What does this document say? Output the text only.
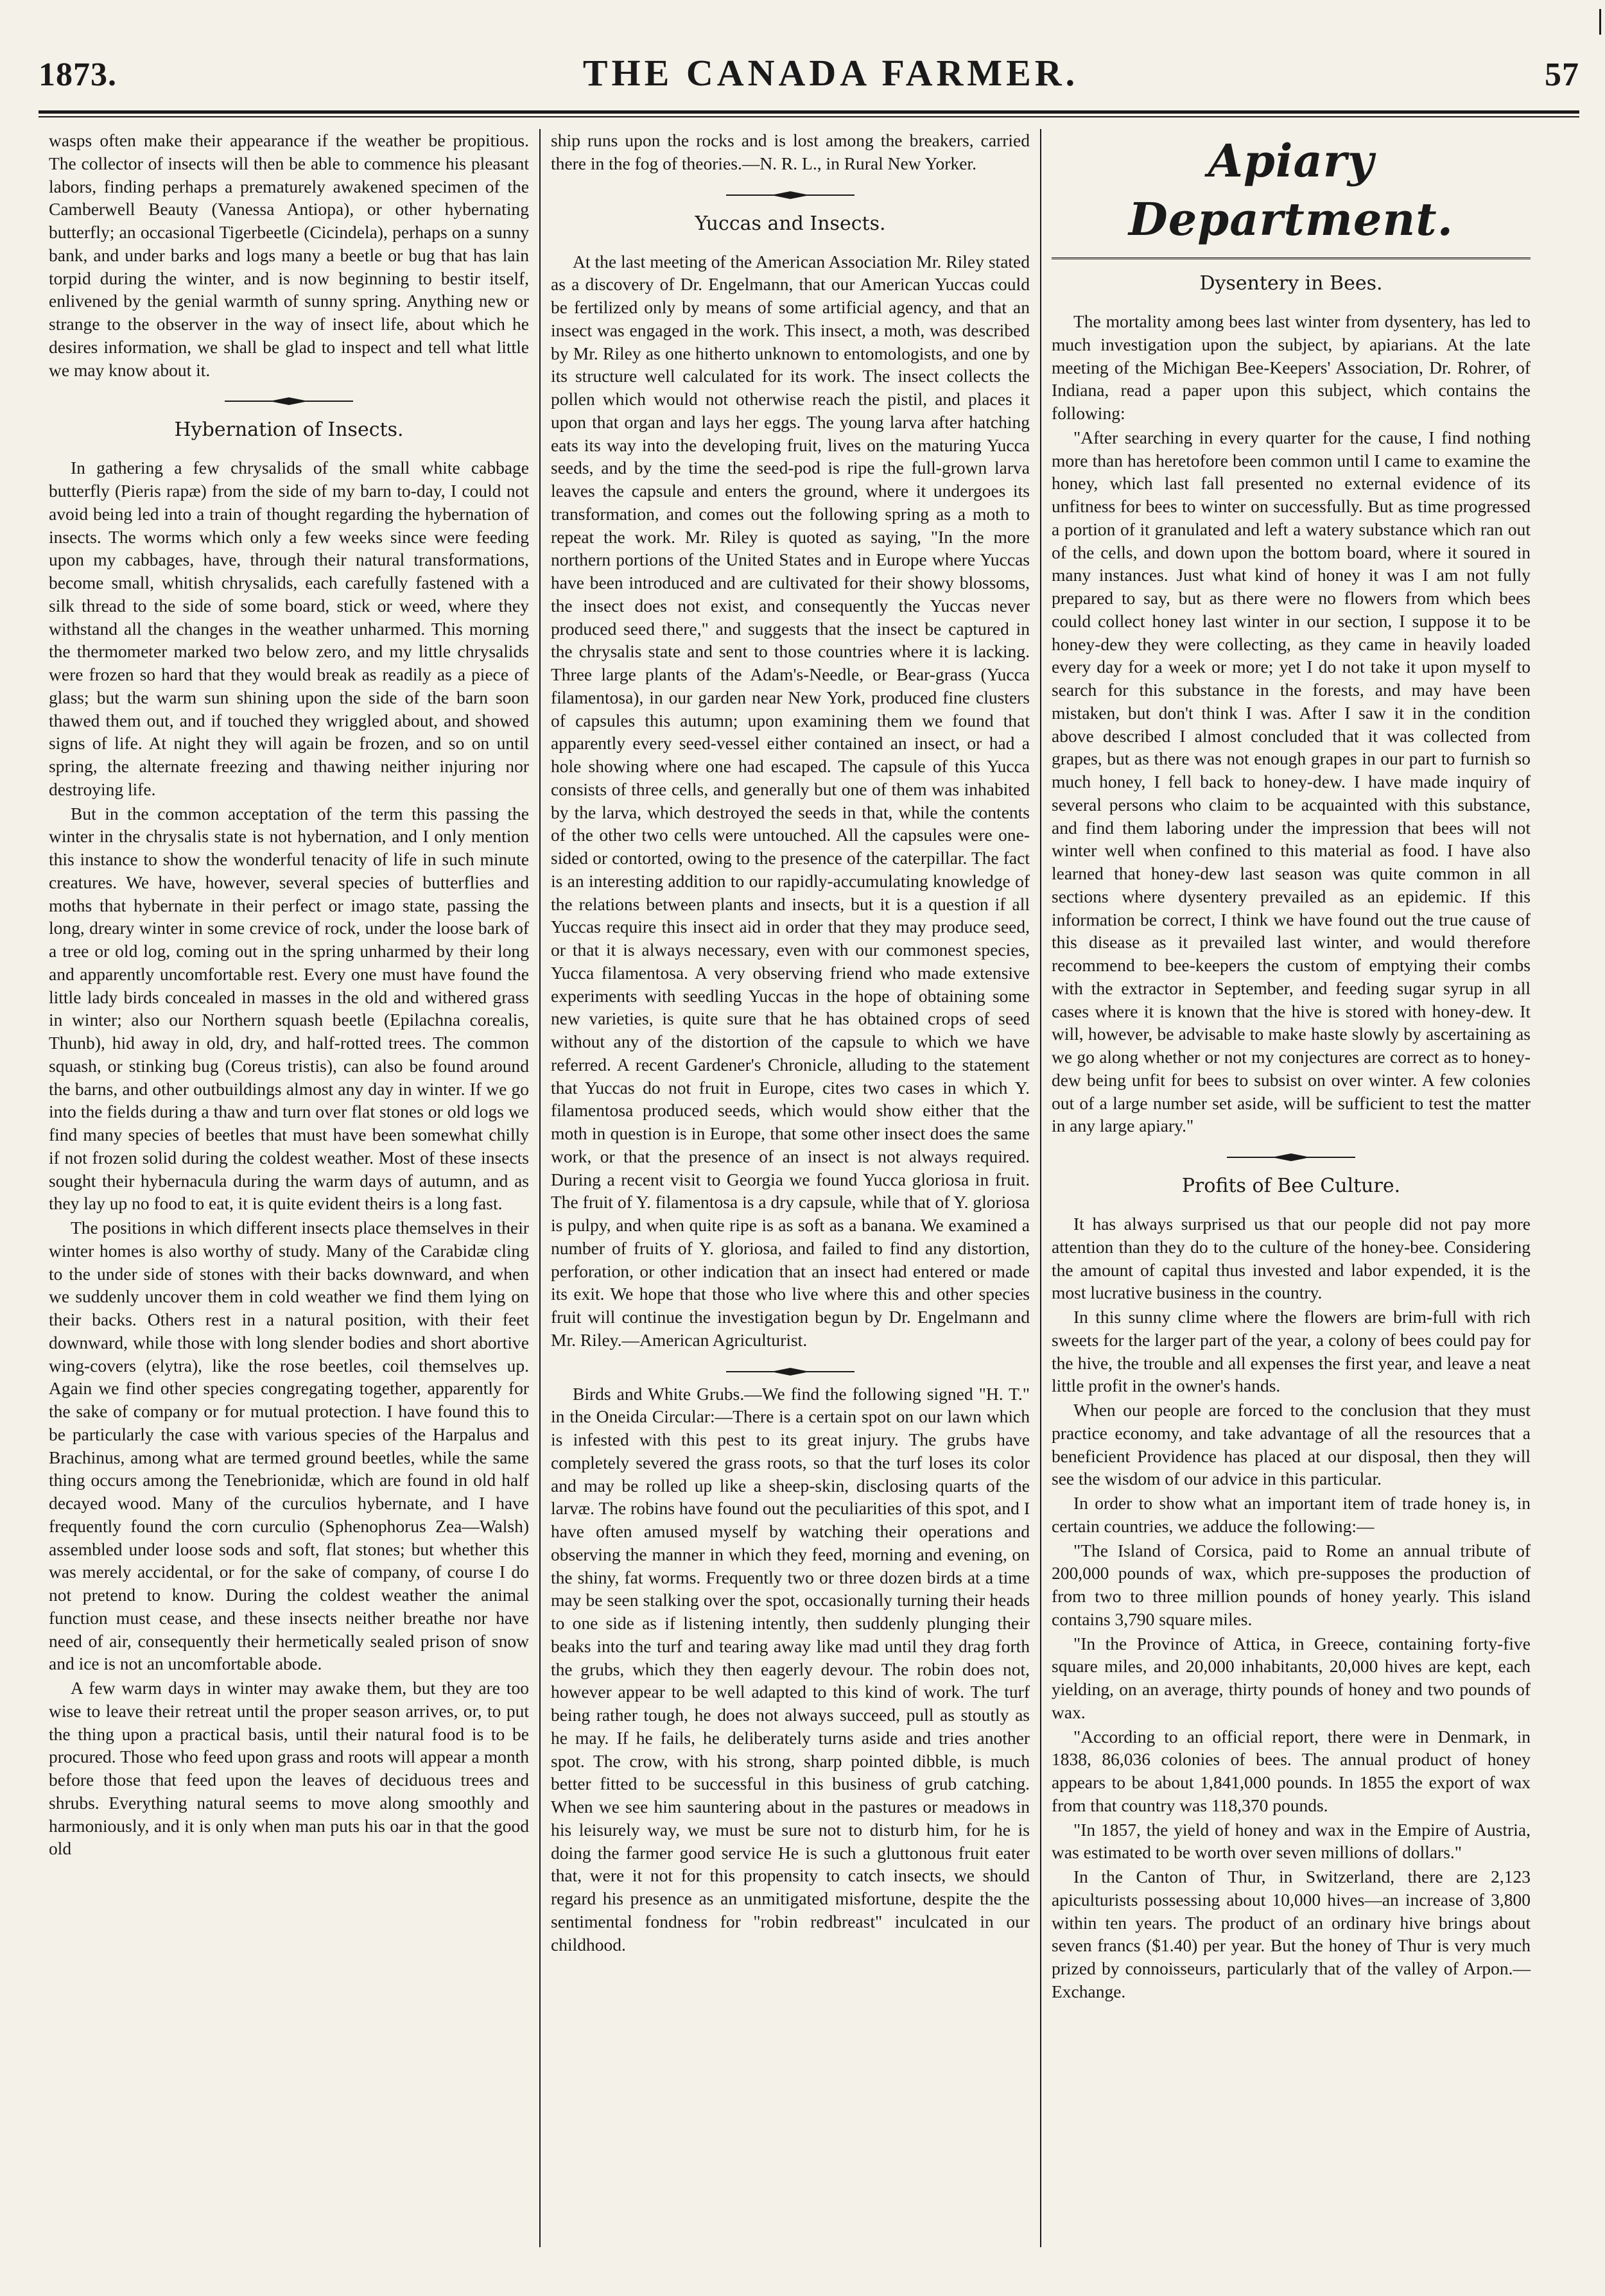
1873.	THE CANADA FARMER.	57

wasps often make their appearance if the weather be propitious. The collector of insects will then be able to commence his pleasant labors, finding perhaps a prematurely awakened specimen of the Camberwell Beauty (Vanessa Antiopa), or other hybernating butterfly; an occasional Tigerbeetle (Cicindela), perhaps on a sunny bank, and under barks and logs many a beetle or bug that has lain torpid during the winter, and is now beginning to bestir itself, enlivened by the genial warmth of sunny spring. Anything new or strange to the observer in the way of insect life, about which he desires information, we shall be glad to inspect and tell what little we may know about it.

Hybernation of Insects.

In gathering a few chrysalids of the small white cabbage butterfly (Pieris rapæ) from the side of my barn to-day, I could not avoid being led into a train of thought regarding the hybernation of insects. The worms which only a few weeks since were feeding upon my cabbages, have, through their natural transformations, become small, whitish chrysalids, each carefully fastened with a silk thread to the side of some board, stick or weed, where they withstand all the changes in the weather unharmed. This morning the thermometer marked two below zero, and my little chrysalids were frozen so hard that they would break as readily as a piece of glass; but the warm sun shining upon the side of the barn soon thawed them out, and if touched they wriggled about, and showed signs of life. At night they will again be frozen, and so on until spring, the alternate freezing and thawing neither injuring nor destroying life.

But in the common acceptation of the term this passing the winter in the chrysalis state is not hybernation, and I only mention this instance to show the wonderful tenacity of life in such minute creatures. We have, however, several species of butterflies and moths that hybernate in their perfect or imago state, passing the long, dreary winter in some crevice of rock, under the loose bark of a tree or old log, coming out in the spring unharmed by their long and apparently uncomfortable rest. Every one must have found the little lady birds concealed in masses in the old and withered grass in winter; also our Northern squash beetle (Epilachna corealis, Thunb), hid away in old, dry, and half-rotted trees. The common squash, or stinking bug (Coreus tristis), can also be found around the barns, and other outbuildings almost any day in winter. If we go into the fields during a thaw and turn over flat stones or old logs we find many species of beetles that must have been somewhat chilly if not frozen solid during the coldest weather. Most of these insects sought their hybernacula during the warm days of autumn, and as they lay up no food to eat, it is quite evident theirs is a long fast.

The positions in which different insects place themselves in their winter homes is also worthy of study. Many of the Carabidæ cling to the under side of stones with their backs downward, and when we suddenly uncover them in cold weather we find them lying on their backs. Others rest in a natural position, with their feet downward, while those with long slender bodies and short abortive wing-covers (elytra), like the rose beetles, coil themselves up. Again we find other species congregating together, apparently for the sake of company or for mutual protection. I have found this to be particularly the case with various species of the Harpalus and Brachinus, among what are termed ground beetles, while the same thing occurs among the Tenebrionidæ, which are found in old half decayed wood. Many of the curculios hybernate, and I have frequently found the corn curculio (Sphenophorus Zea—Walsh) assembled under loose sods and soft, flat stones; but whether this was merely accidental, or for the sake of company, of course I do not pretend to know. During the coldest weather the animal function must cease, and these insects neither breathe nor have need of air, consequently their hermetically sealed prison of snow and ice is not an uncomfortable abode.

A few warm days in winter may awake them, but they are too wise to leave their retreat until the proper season arrives, or, to put the thing upon a practical basis, until their natural food is to be procured. Those who feed upon grass and roots will appear a month before those that feed upon the leaves of deciduous trees and shrubs. Everything natural seems to move along smoothly and harmoniously, and it is only when man puts his oar in that the good old

ship runs upon the rocks and is lost among the breakers, carried there in the fog of theories.—N. R. L., in Rural New Yorker.

Yuccas and Insects.

At the last meeting of the American Association Mr. Riley stated as a discovery of Dr. Engelmann, that our American Yuccas could be fertilized only by means of some artificial agency, and that an insect was engaged in the work. This insect, a moth, was described by Mr. Riley as one hitherto unknown to entomologists, and one by its structure well calculated for its work. The insect collects the pollen which would not otherwise reach the pistil, and places it upon that organ and lays her eggs. The young larva after hatching eats its way into the developing fruit, lives on the maturing Yucca seeds, and by the time the seed-pod is ripe the full-grown larva leaves the capsule and enters the ground, where it undergoes its transformation, and comes out the following spring as a moth to repeat the work. Mr. Riley is quoted as saying, "In the more northern portions of the United States and in Europe where Yuccas have been introduced and are cultivated for their showy blossoms, the insect does not exist, and consequently the Yuccas never produced seed there," and suggests that the insect be captured in the chrysalis state and sent to those countries where it is lacking. Three large plants of the Adam's-Needle, or Bear-grass (Yucca filamentosa), in our garden near New York, produced fine clusters of capsules this autumn; upon examining them we found that apparently every seed-vessel either contained an insect, or had a hole showing where one had escaped. The capsule of this Yucca consists of three cells, and generally but one of them was inhabited by the larva, which destroyed the seeds in that, while the contents of the other two cells were untouched. All the capsules were one-sided or contorted, owing to the presence of the caterpillar. The fact is an interesting addition to our rapidly-accumulating knowledge of the relations between plants and insects, but it is a question if all Yuccas require this insect aid in order that they may produce seed, or that it is always necessary, even with our commonest species, Yucca filamentosa. A very observing friend who made extensive experiments with seedling Yuccas in the hope of obtaining some new varieties, is quite sure that he has obtained crops of seed without any of the distortion of the capsule to which we have referred. A recent Gardener's Chronicle, alluding to the statement that Yuccas do not fruit in Europe, cites two cases in which Y. filamentosa produced seeds, which would show either that the moth in question is in Europe, that some other insect does the same work, or that the presence of an insect is not always required. During a recent visit to Georgia we found Yucca gloriosa in fruit. The fruit of Y. filamentosa is a dry capsule, while that of Y. gloriosa is pulpy, and when quite ripe is as soft as a banana. We examined a number of fruits of Y. gloriosa, and failed to find any distortion, perforation, or other indication that an insect had entered or made its exit. We hope that those who live where this and other species fruit will continue the investigation begun by Dr. Engelmann and Mr. Riley.—American Agriculturist.

Birds and White Grubs.—We find the following signed "H. T." in the Oneida Circular:—There is a certain spot on our lawn which is infested with this pest to its great injury. The grubs have completely severed the grass roots, so that the turf loses its color and may be rolled up like a sheep-skin, disclosing quarts of the larvæ. The robins have found out the peculiarities of this spot, and I have often amused myself by watching their operations and observing the manner in which they feed, morning and evening, on the shiny, fat worms. Frequently two or three dozen birds at a time may be seen stalking over the spot, occasionally turning their heads to one side as if listening intently, then suddenly plunging their beaks into the turf and tearing away like mad until they drag forth the grubs, which they then eagerly devour. The robin does not, however appear to be well adapted to this kind of work. The turf being rather tough, he does not always succeed, pull as stoutly as he may. If he fails, he deliberately turns aside and tries another spot. The crow, with his strong, sharp pointed dibble, is much better fitted to be successful in this business of grub catching. When we see him sauntering about in the pastures or meadows in his leisurely way, we must be sure not to disturb him, for he is doing the farmer good service He is such a gluttonous fruit eater that, were it not for this propensity to catch insects, we should regard his presence as an unmitigated misfortune, despite the the sentimental fondness for "robin redbreast" inculcated in our childhood.

Apiary Department.
Dysentery in Bees.

The mortality among bees last winter from dysentery, has led to much investigation upon the subject, by apiarians. At the late meeting of the Michigan Bee-Keepers' Association, Dr. Rohrer, of Indiana, read a paper upon this subject, which contains the following:

"After searching in every quarter for the cause, I find nothing more than has heretofore been common until I came to examine the honey, which last fall presented no external evidence of its unfitness for bees to winter on successfully. But as time progressed a portion of it granulated and left a watery substance which ran out of the cells, and down upon the bottom board, where it soured in many instances. Just what kind of honey it was I am not fully prepared to say, but as there were no flowers from which bees could collect honey last winter in our section, I suppose it to be honey-dew they were collecting, as they came in heavily loaded every day for a week or more; yet I do not take it upon myself to search for this substance in the forests, and may have been mistaken, but don't think I was. After I saw it in the condition above described I almost concluded that it was collected from grapes, but as there was not enough grapes in our part to furnish so much honey, I fell back to honey-dew. I have made inquiry of several persons who claim to be acquainted with this substance, and find them laboring under the impression that bees will not winter well when confined to this material as food. I have also learned that honey-dew last season was quite common in all sections where dysentery prevailed as an epidemic. If this information be correct, I think we have found out the true cause of this disease as it prevailed last winter, and would therefore recommend to bee-keepers the custom of emptying their combs with the extractor in September, and feeding sugar syrup in all cases where it is known that the hive is stored with honey-dew. It will, however, be advisable to make haste slowly by ascertaining as we go along whether or not my conjectures are correct as to honey-dew being unfit for bees to subsist on over winter. A few colonies out of a large number set aside, will be sufficient to test the matter in any large apiary."

Profits of Bee Culture.

It has always surprised us that our people did not pay more attention than they do to the culture of the honey-bee. Considering the amount of capital thus invested and labor expended, it is the most lucrative business in the country.

In this sunny clime where the flowers are brim-full with rich sweets for the larger part of the year, a colony of bees could pay for the hive, the trouble and all expenses the first year, and leave a neat little profit in the owner's hands.

When our people are forced to the conclusion that they must practice economy, and take advantage of all the resources that a beneficient Providence has placed at our disposal, then they will see the wisdom of our advice in this particular.

In order to show what an important item of trade honey is, in certain countries, we adduce the following:—

"The Island of Corsica, paid to Rome an annual tribute of 200,000 pounds of wax, which pre-supposes the production of from two to three million pounds of honey yearly. This island contains 3,790 square miles.

"In the Province of Attica, in Greece, containing forty-five square miles, and 20,000 inhabitants, 20,000 hives are kept, each yielding, on an average, thirty pounds of honey and two pounds of wax.

"According to an official report, there were in Denmark, in 1838, 86,036 colonies of bees. The annual product of honey appears to be about 1,841,000 pounds. In 1855 the export of wax from that country was 118,370 pounds.

"In 1857, the yield of honey and wax in the Empire of Austria, was estimated to be worth over seven millions of dollars."

In the Canton of Thur, in Switzerland, there are 2,123 apiculturists possessing about 10,000 hives—an increase of 3,800 within ten years. The product of an ordinary hive brings about seven francs ($1.40) per year. But the honey of Thur is very much prized by connoisseurs, particularly that of the valley of Arpon.—Exchange.
